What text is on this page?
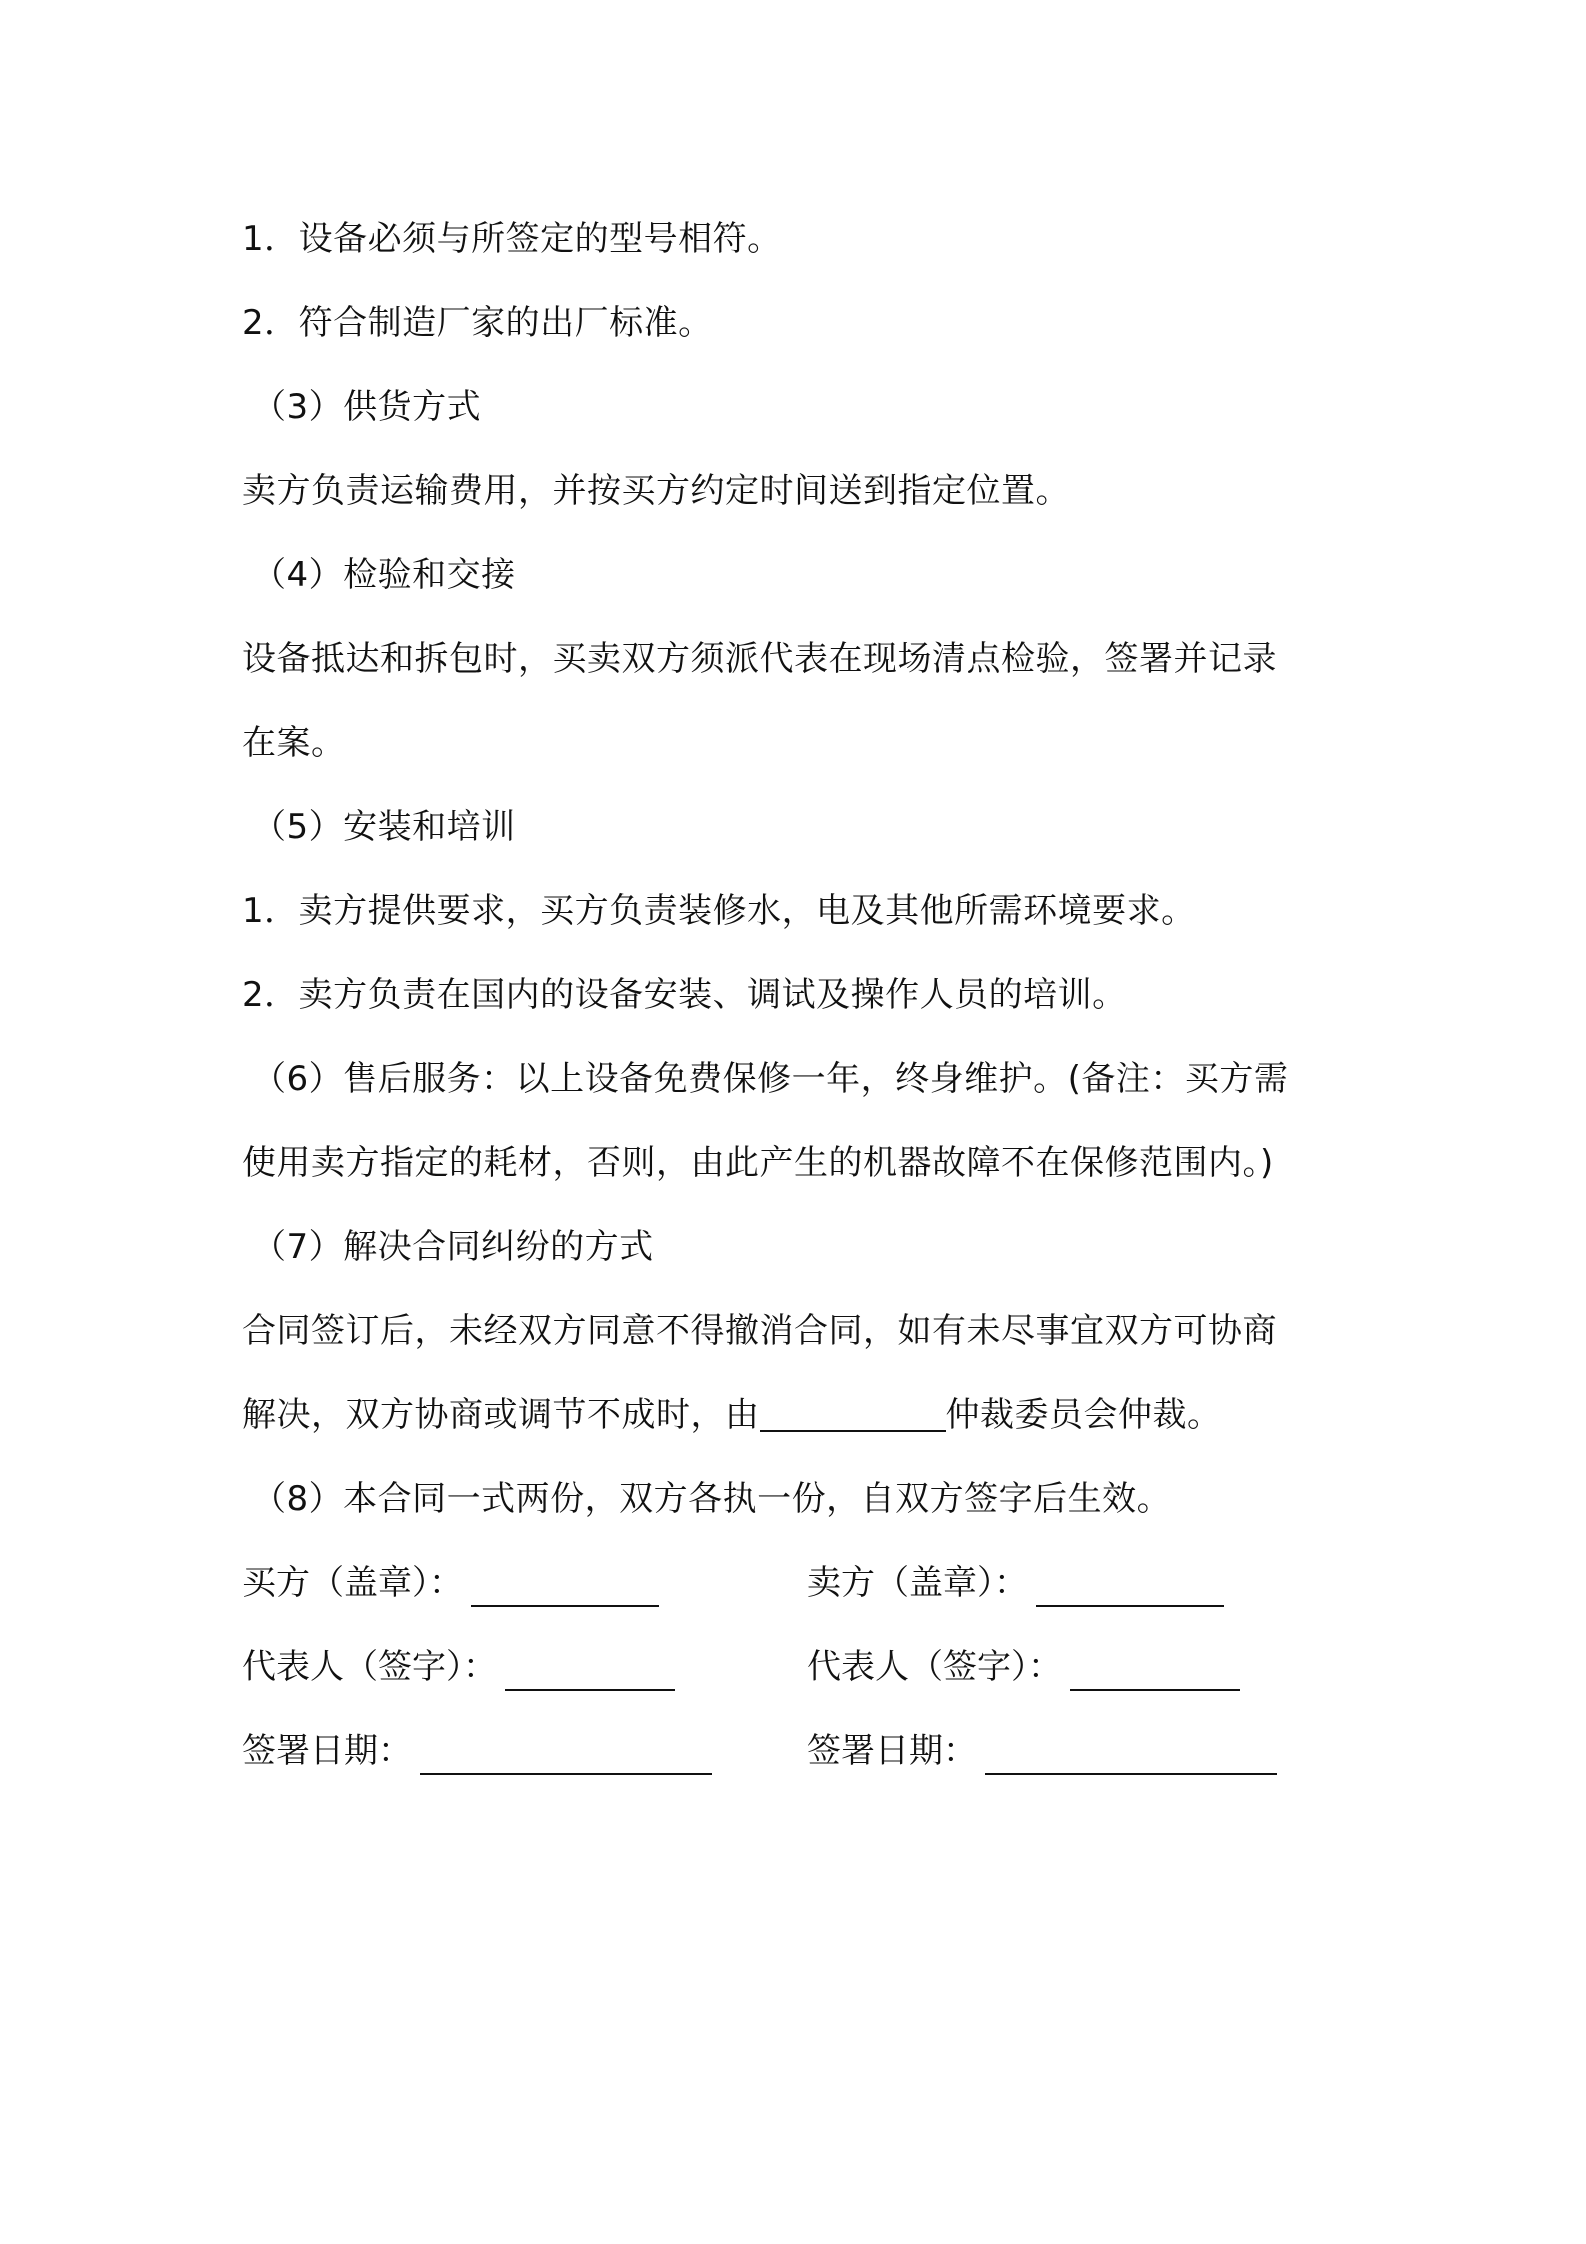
1．设备必须与所签定的型号相符。
2．符合制造厂家的出厂标准。
（3）供货方式
卖方负责运输费用，并按买方约定时间送到指定位置。
（4）检验和交接
设备抵达和拆包时，买卖双方须派代表在现场清点检验，签署并记录
在案。
（5）安装和培训
1．卖方提供要求，买方负责装修水，电及其他所需环境要求。
2．卖方负责在国内的设备安装、调试及操作人员的培训。
（6）售后服务：以上设备免费保修一年，终身维护。(备注：买方需
使用卖方指定的耗材，否则，由此产生的机器故障不在保修范围内。)
（7）解决合同纠纷的方式
合同签订后，未经双方同意不得撤消合同，如有未尽事宜双方可协商
解决，双方协商或调节不成时，由	仲裁委员会仲裁。
（8）本合同一式两份，双方各执一份，自双方签字后生效。
买方（盖章）：	卖方（盖章）：
代表人（签字）：	代表人（签字）：
签署日期：	签署日期：
